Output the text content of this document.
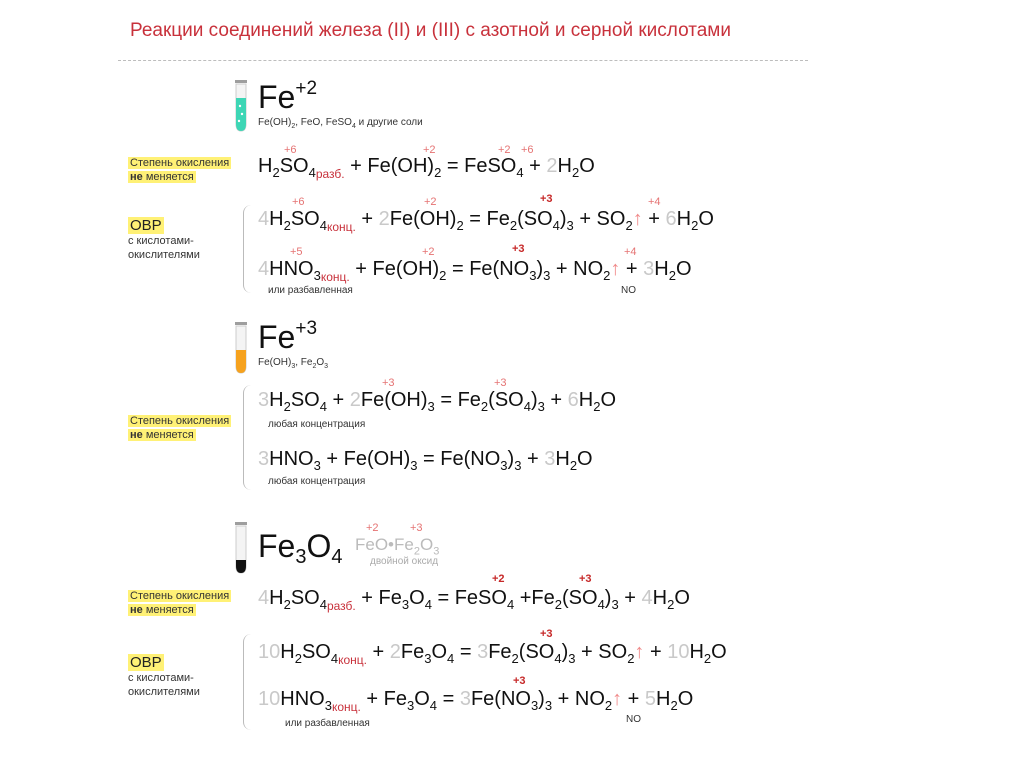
Реакции соединений железа (II) и (III) с азотной и серной кислотами
$Fe^{+2}$
$Fe(OH)_2$, FeO, FeSO$_4$ и другие соли
Степень окисления
не меняется
+6	+2	+2 +6
$H_2SO_{4разб.} + Fe(OH)_2$ = FeSO$_4$ + $2H_2O$
ОВР
с кислотами-
окислителями
+6	+2	+3	+4
$4H_2SO_{4конц.} + 2Fe(OH)_2 = Fe_2(SO_4)_3$ + $SO_2↑ + 6H_2O$
+5	+2	+3	+4
$4HNO_{3конц.} + Fe(OH)_2 = Fe(NO_3)_3$ + $NO_2↑ + 3H_2O$
или разбавленная	NO
$Fe^{+3}$
$Fe(OH)_3$, $Fe_2O_3$
Степень окисления
не меняется
+3	+3
$3H_2SO_4 + 2Fe(OH)_3 = Fe_2(SO_4)_3 + 6H_2O$
любая концентрация
$3HNO_3 + Fe(OH)_3 = Fe(NO_3)_3 + 3H_2O$
любая концентрация
$Fe_3O_4$
+2	+3
$FeO•Fe_2O_3$
двойной оксид
Степень окисления
не меняется
+2	+3
$4H_2SO_{4разб.} + Fe_3O_4$ = FeSO$_4$ $+Fe_2(SO_4)_3 + 4H_2O$
ОВР
с кислотами-
окислителями
+3
$10H_2SO_{4конц.} + 2Fe_3O_4 = 3Fe_2(SO_4)_3$ + $SO_2↑ + 10H_2O$
+3
$10HNO_{3конц.} + Fe_3O_4 = 3Fe(NO_3)_3$ + $NO_2↑ + 5H_2O$
или разбавленная	NO
